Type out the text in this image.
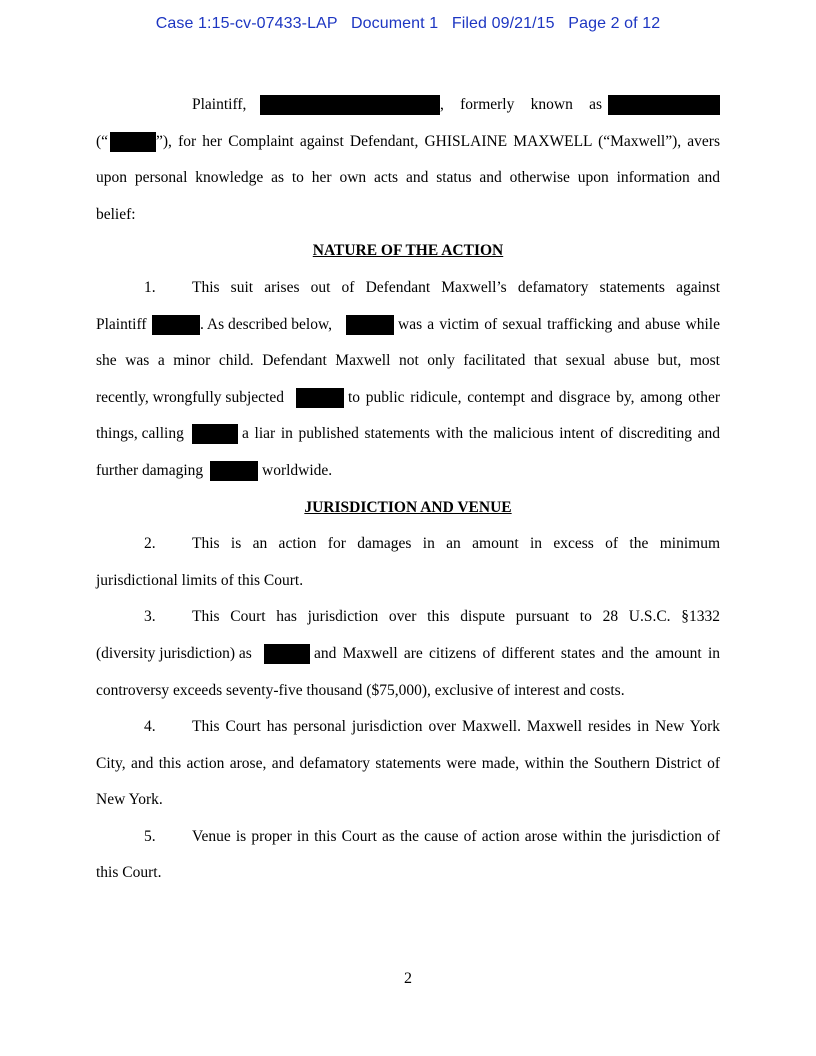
Case 1:15-cv-07433-LAP   Document 1   Filed 09/21/15   Page 2 of 12
Plaintiff,	, formerly known as
(“	”), for her Complaint against Defendant, GHISLAINE MAXWELL (“Maxwell”), avers
upon personal knowledge as to her own acts and status and otherwise upon information and
belief:
NATURE OF THE ACTION
1. This suit arises out of Defendant Maxwell’s defamatory statements against
Plaintiff	. As described below,	was a victim of sexual trafficking and abuse while
she was a minor child. Defendant Maxwell not only facilitated that sexual abuse but, most
recently, wrongfully subjected	to public ridicule, contempt and disgrace by, among other
things, calling	a liar in published statements with the malicious intent of discrediting and
further damaging	worldwide.
JURISDICTION AND VENUE
2. This is an action for damages in an amount in excess of the minimum
jurisdictional limits of this Court.
3. This Court has jurisdiction over this dispute pursuant to 28 U.S.C. §1332
(diversity jurisdiction) as	and Maxwell are citizens of different states and the amount in
controversy exceeds seventy-five thousand ($75,000), exclusive of interest and costs.
4. This Court has personal jurisdiction over Maxwell. Maxwell resides in New York
City, and this action arose, and defamatory statements were made, within the Southern District of
New York.
5. Venue is proper in this Court as the cause of action arose within the jurisdiction of
this Court.
2
